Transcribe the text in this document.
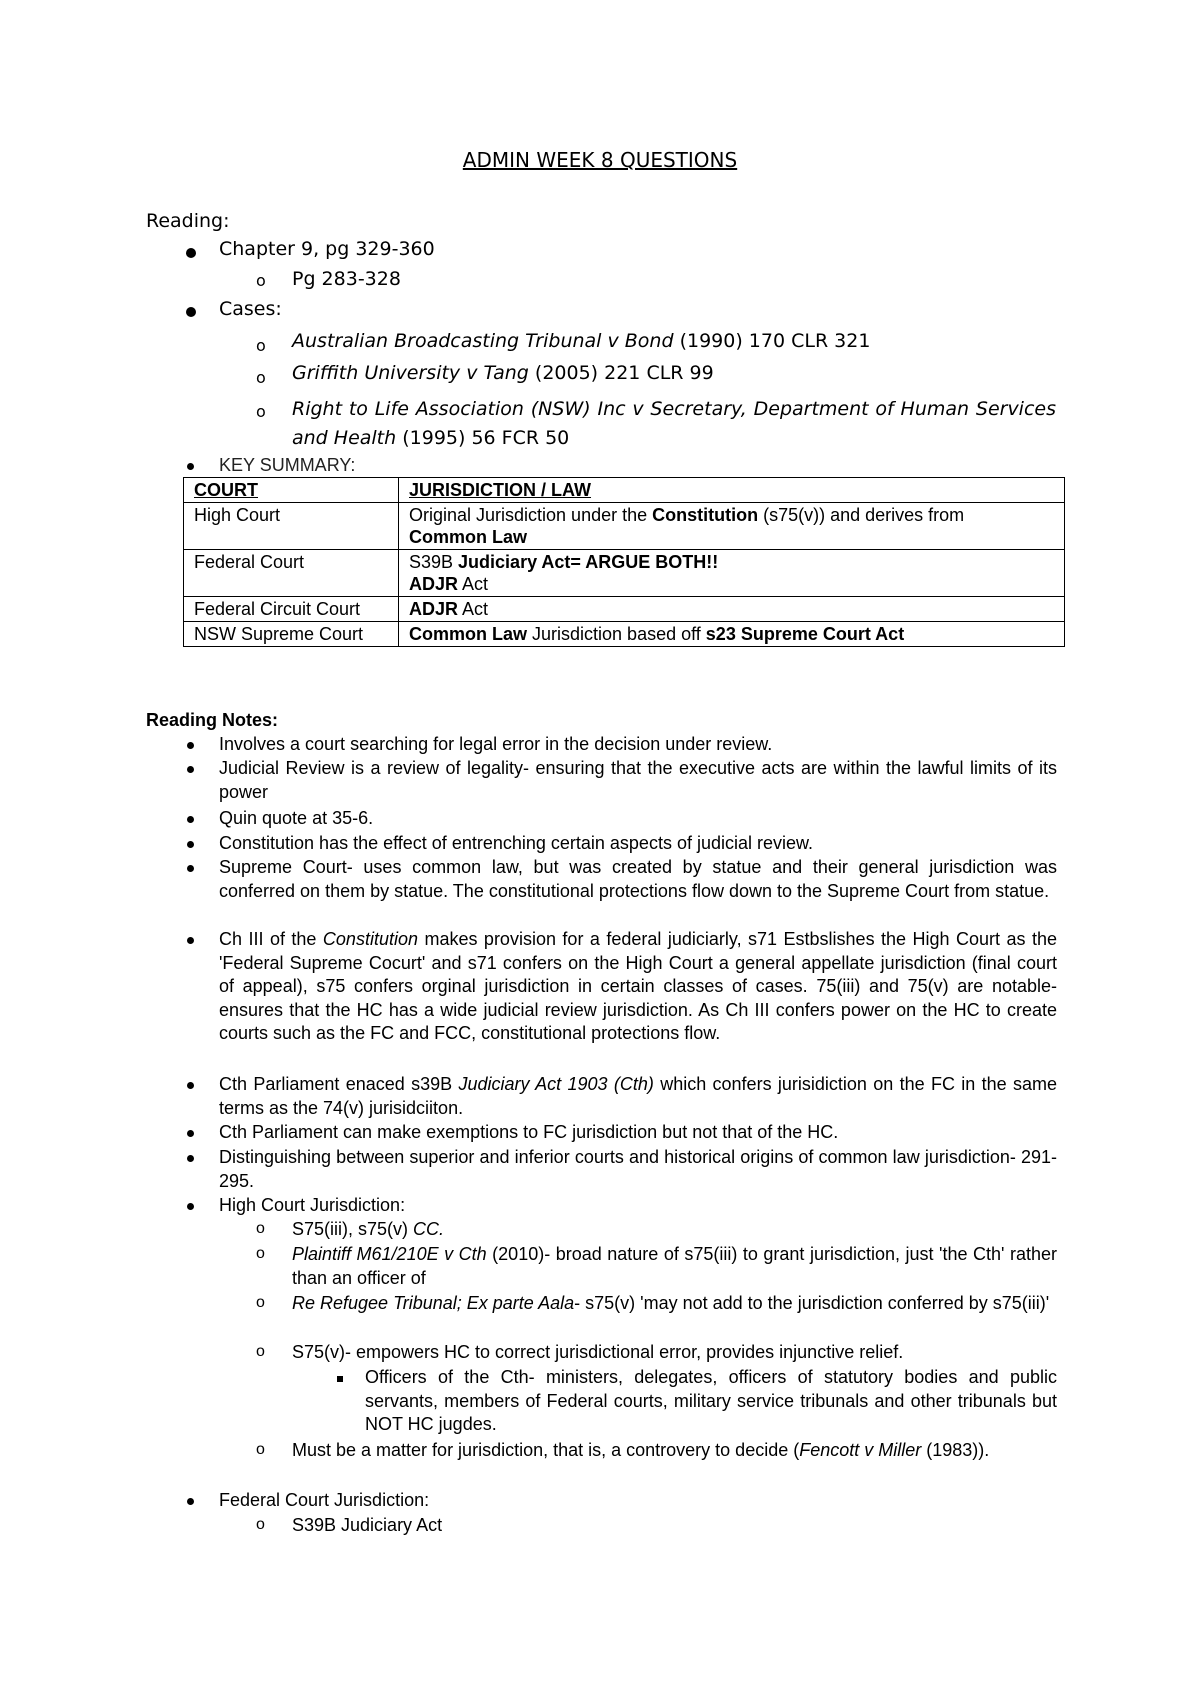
ADMIN WEEK 8 QUESTIONS
Reading:
Chapter 9, pg 329-360
o Pg 283-328
Cases:
o Australian Broadcasting Tribunal v Bond (1990) 170 CLR 321
o Griffith University v Tang (2005) 221 CLR 99
o Right to Life Association (NSW) Inc v Secretary, Department of Human Services and Health (1995) 56 FCR 50
KEY SUMMARY:
COURT	JURISDICTION / LAW
High Court	Original Jurisdiction under the Constitution (s75(v)) and derives from
Common Law
Federal Court	S39B Judiciary Act= ARGUE BOTH!!
ADJR Act
Federal Circuit Court	ADJR Act
NSW Supreme Court	Common Law Jurisdiction based off s23 Supreme Court Act
Reading Notes:
Involves a court searching for legal error in the decision under review.
Judicial Review is a review of legality- ensuring that the executive acts are within the lawful limits of its power
Quin quote at 35-6.
Constitution has the effect of entrenching certain aspects of judicial review.
Supreme Court- uses common law, but was created by statue and their general jurisdiction was conferred on them by statue. The constitutional protections flow down to the Supreme Court from statue.
Ch III of the Constitution makes provision for a federal judiciarly, s71 Estbslishes the High Court as the 'Federal Supreme Cocurt' and s71 confers on the High Court a general appellate jurisdiction (final court of appeal), s75 confers orginal jurisdiction in certain classes of cases. 75(iii) and 75(v) are notable- ensures that the HC has a wide judicial review jurisdiction. As Ch III confers power on the HC to create courts such as the FC and FCC, constitutional protections flow.
Cth Parliament enaced s39B Judiciary Act 1903 (Cth) which confers jurisidiction on the FC in the same terms as the 74(v) jurisidciiton.
Cth Parliament can make exemptions to FC jurisdiction but not that of the HC.
Distinguishing between superior and inferior courts and historical origins of common law jurisdiction- 291-295.
High Court Jurisdiction:
o S75(iii), s75(v) CC.
o Plaintiff M61/210E v Cth (2010)- broad nature of s75(iii) to grant jurisdiction, just 'the Cth' rather than an officer of
o Re Refugee Tribunal; Ex parte Aala- s75(v) 'may not add to the jurisdiction conferred by s75(iii)'
o S75(v)- empowers HC to correct jurisdictional error, provides injunctive relief.
Officers of the Cth- ministers, delegates, officers of statutory bodies and public servants, members of Federal courts, military service tribunals and other tribunals but NOT HC jugdes.
o Must be a matter for jurisdiction, that is, a controvery to decide (Fencott v Miller (1983)).
Federal Court Jurisdiction:
o S39B Judiciary Act
